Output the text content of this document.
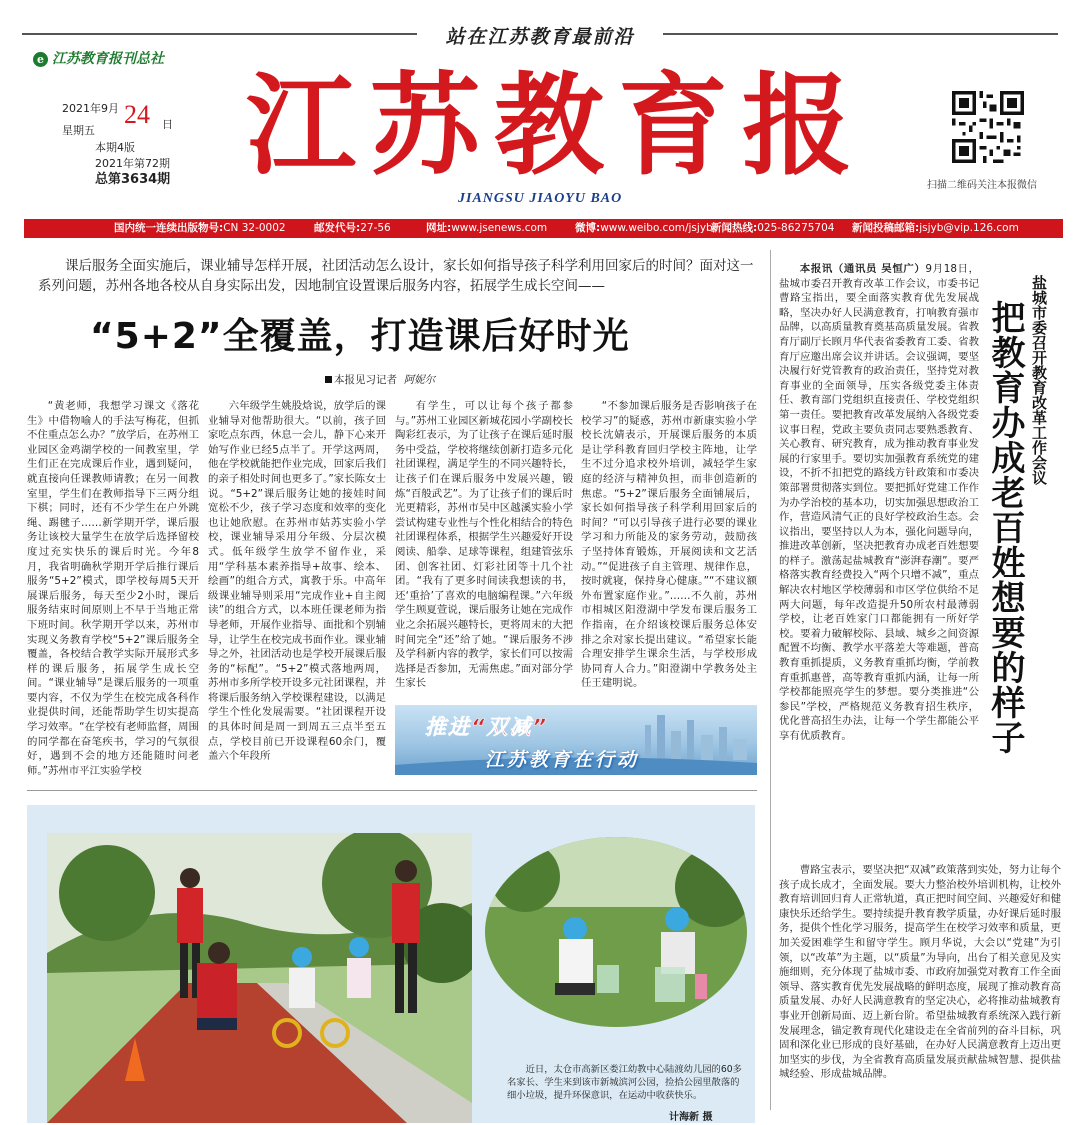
站在江苏教育最前沿
e 江苏教育报刊总社
2021年9月
星期五
24 日
本期4版
2021年第72期
总第3634期 江苏教育报
JIANGSU JIAOYU BAO
扫描二维码关注本报微信
国内统一连续出版物号:CN 32-0002	邮发代号:27-56	网址:www.jsenews.com	微博:www.weibo.com/jsjyb
新闻热线:025-86275704 新闻投稿邮箱:jsjyb@vip.126.com
课后服务全面实施后，课业辅导怎样开展，社团活动怎么设计，家长如何指导孩子科学利用回家后的时间？面对这一系列问题，苏州各地各校从自身实际出发，因地制宜设置课后服务内容，拓展学生成长空间——
“5+2”全覆盖，打造课后好时光
本报见习记者 阿妮尔

“黄老师，我想学习课文《落花生》中借物喻人的手法写梅花，但抓不住重点怎么办？”放学后，在苏州工业园区金鸡湖学校的一间教室里，学生们正在完成课后作业，遇到疑问，就直接向任课教师请教；在另一间教室里，学生们在教师指导下三两分组下棋；同时，还有不少学生在户外跳绳、踢毽子……新学期开学，课后服务让该校大量学生在放学后选择留校度过充实快乐的课后时光。今年8月，我省明确秋学期开学后推行课后服务“5+2”模式，即学校每周5天开展课后服务，每天至少2小时，课后服务结束时间原则上不早于当地正常下班时间。秋学期开学以来，苏州市实现义务教育学校“5+2”课后服务全覆盖，各校结合教学实际开展形式多样的课后服务，拓展学生成长空间。“课业辅导”是课后服务的一项重要内容，不仅为学生在校完成各科作业提供时间，还能帮助学生切实提高学习效率。“在学校有老师监督，周围的同学都在奋笔疾书，学习的气氛很好，遇到不会的地方还能随时问老师。”苏州市平江实验学校

六年级学生姚股焓说，放学后的课业辅导对他帮助很大。“以前，孩子回家吃点东西，休息一会儿，静下心来开始写作业已经5点半了。开学这两周，他在学校就能把作业完成，回家后我们的亲子相处时间也更多了。”家长陈女士说。“5+2”课后服务让她的接娃时间宽松不少，孩子学习态度和效率的变化也让她欣慰。在苏州市姑苏实验小学校，课业辅导采用分年级、分层次模式。低年级学生放学不留作业，采用“学科基本素养指导+故事、绘本、绘画”的组合方式，寓教于乐。中高年级课业辅导则采用“完成作业+自主阅读”的组合方式，以本班任课老师为指导老师，开展作业指导、面批和个别辅导，让学生在校完成书面作业。课业辅导之外，社团活动也是学校开展课后服务的“标配”。“5+2”模式落地两周，苏州市多所学校开设多元社团课程，并将课后服务纳入学校课程建设，以满足学生个性化发展需要。“社团课程开设的具体时间是周一到周五三点半至五点，学校目前已开设课程60余门，覆盖六个年段所

有学生，可以让每个孩子都参与。”苏州工业园区新城花园小学副校长陶彩红表示，为了让孩子在课后延时服务中受益，学校将继续创新打造多元化社团课程，满足学生的不同兴趣特长，让孩子们在课后服务中发展兴趣，锻炼“百般武艺”。为了让孩子们的课后时光更精彩，苏州市吴中区越溪实验小学尝试构建专业性与个性化相结合的特色社团课程体系，根据学生兴趣爱好开设阅读、船拳、足球等课程，组建管弦乐团、创客社团、灯彩社团等十几个社团。“我有了更多时间读我想读的书，还‘重拾’了喜欢的电脑编程课。”六年级学生顾夏萱说，课后服务让她在完成作业之余拓展兴趣特长，更将周末的大把时间完全“还”给了她。“课后服务不涉及学科新内容的教学，家长们可以按需选择是否参加，无需焦虑。”面对部分学生家长

“不参加课后服务是否影响孩子在校学习”的疑惑，苏州市新康实验小学校长沈婧表示，开展课后服务的本质是让学科教育回归学校主阵地，让学生不过分追求校外培训，减轻学生家庭的经济与精神负担，而非创造新的焦虑。“5+2”课后服务全面铺展后，家长如何指导孩子科学利用回家后的时间？“可以引导孩子进行必要的课业学习和力所能及的家务劳动，鼓励孩子坚持体育锻炼，开展阅读和文艺活动。”“促进孩子自主管理、规律作息，按时就寝，保持身心健康。”“不建议额外布置家庭作业。”……不久前，苏州市相城区阳澄湖中学发布课后服务工作指南，在介绍该校课后服务总体安排之余对家长提出建议。“希望家长能合理安排学生课余生活，与学校形成协同育人合力。”阳澄湖中学教务处主任王建明说。

推进“双减”
江苏教育在行动
近日，太仓市高新区娄江幼教中心陆渡幼儿园的60多名家长、学生来到该市新城滨河公园，捡拾公园里散落的细小垃圾，提升环保意识，在运动中收获快乐。
计海新 摄

本报讯（通讯员 吴恒广）9月18日，盐城市委召开教育改革工作会议，市委书记曹路宝指出，要全面落实教育优先发展战略，坚决办好人民满意教育，打响教育强市品牌，以高质量教育奠基高质量发展。省教育厅副厅长顾月华代表省委教育工委、省教育厅应邀出席会议并讲话。会议强调，要坚决履行好党管教育的政治责任，坚持党对教育事业的全面领导，压实各级党委主体责任、教育部门党组织直接责任、学校党组织第一责任。要把教育改革发展纳入各级党委议事日程，党政主要负责同志要熟悉教育、关心教育、研究教育，成为推动教育事业发展的行家里手。要切实加强教育系统党的建设，不折不扣把党的路线方针政策和市委决策部署贯彻落实到位。要把抓好党建工作作为办学治校的基本功，切实加强思想政治工作，营造风清气正的良好学校政治生态。会议指出，要坚持以人为本，强化问题导向，推进改革创新，坚决把教育办成老百姓想要的样子。激荡起盐城教育“澎湃春潮”。要严格落实教育经费投入“两个只增不减”，重点解决农村地区学校薄弱和市区学位供给不足两大问题，每年改造提升50所农村最薄弱学校，让老百姓家门口都能拥有一所好学校。要着力破解校际、县域、城乡之间资源配置不均衡、教学水平落差大等难题，普高教育重抓提质，义务教育重抓均衡，学前教育重抓惠普，高等教育重抓内涵，让每一所学校都能照亮学生的梦想。要分类推进“公参民”学校，严格规范义务教育招生秩序，优化普高招生办法，让每一个学生都能公平享有优质教育。

盐城市委召开教育改革工作会议
把教育办成老百姓想要的样子

曹路宝表示，要坚决把“双减”政策落到实处，努力让每个孩子成长成才，全面发展。要大力整治校外培训机构，让校外教育培训回归育人正常轨道，真正把时间空间、兴趣爱好和健康快乐还给学生。要持续提升教育教学质量，办好课后延时服务，提供个性化学习服务，提高学生在校学习效率和质量，更加关爱困难学生和留守学生。顾月华说，大会以“党建”为引领，以“改革”为主题，以“质量”为导向，出台了相关意见及实施细则，充分体现了盐城市委、市政府加强党对教育工作全面领导、落实教育优先发展战略的鲜明态度，展现了推动教育高质量发展、办好人民满意教育的坚定决心，必将推动盐城教育事业开创新局面、迈上新台阶。希望盐城教育系统深入践行新发展理念，锚定教育现代化建设走在全省前列的奋斗目标，巩固和深化业已形成的良好基础，在办好人民满意教育上迈出更加坚实的步伐，为全省教育高质量发展贡献盐城智慧、提供盐城经验、形成盐城品牌。
